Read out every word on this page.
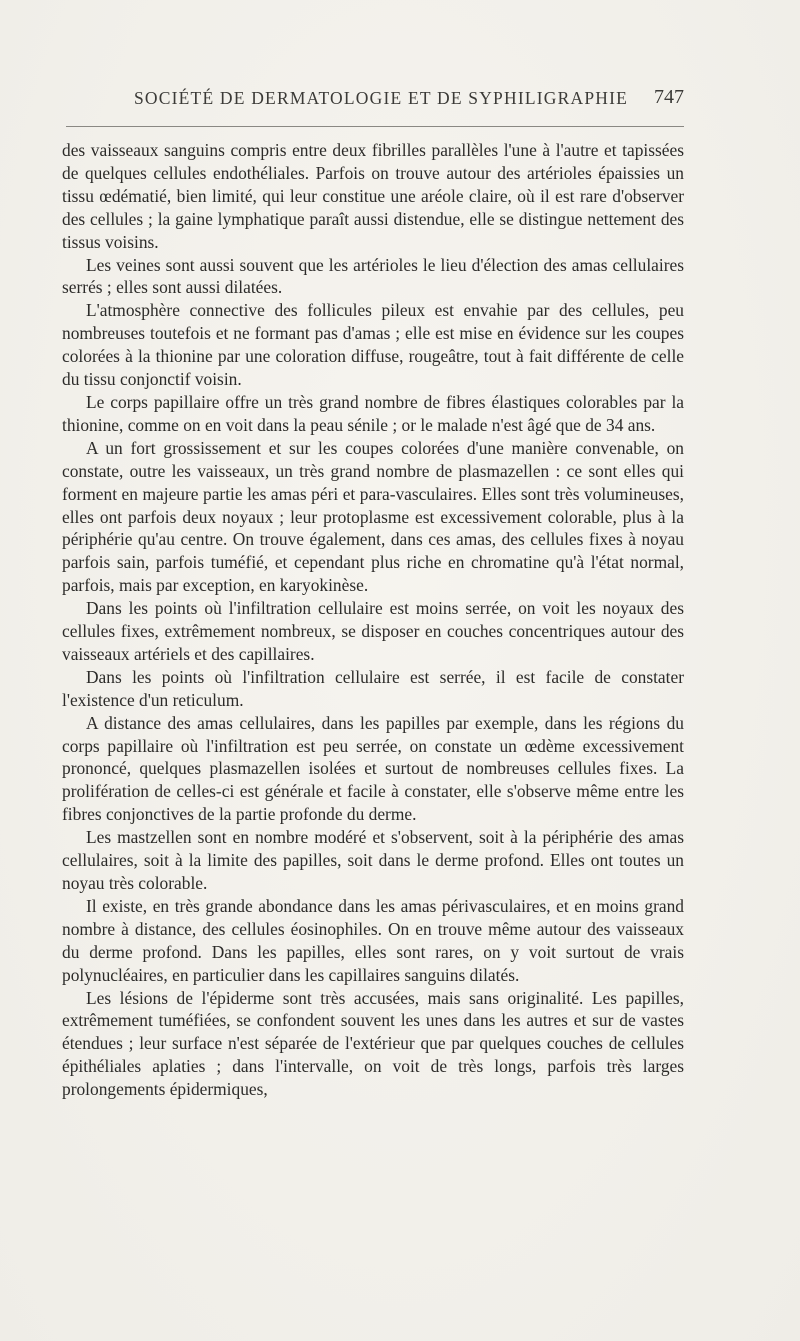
SOCIÉTÉ DE DERMATOLOGIE ET DE SYPHILIGRAPHIE 747

des vaisseaux sanguins compris entre deux fibrilles parallèles l'une à l'autre et tapissées de quelques cellules endothéliales. Parfois on trouve autour des artérioles épaissies un tissu œdématié, bien limité, qui leur constitue une aréole claire, où il est rare d'observer des cellules ; la gaine lymphatique paraît aussi distendue, elle se distingue nettement des tissus voisins.

Les veines sont aussi souvent que les artérioles le lieu d'élection des amas cellulaires serrés ; elles sont aussi dilatées.

L'atmosphère connective des follicules pileux est envahie par des cellules, peu nombreuses toutefois et ne formant pas d'amas ; elle est mise en évidence sur les coupes colorées à la thionine par une coloration diffuse, rougeâtre, tout à fait différente de celle du tissu conjonctif voisin.

Le corps papillaire offre un très grand nombre de fibres élastiques colorables par la thionine, comme on en voit dans la peau sénile ; or le malade n'est âgé que de 34 ans.

A un fort grossissement et sur les coupes colorées d'une manière convenable, on constate, outre les vaisseaux, un très grand nombre de plasmazellen : ce sont elles qui forment en majeure partie les amas péri et para-vasculaires. Elles sont très volumineuses, elles ont parfois deux noyaux ; leur protoplasme est excessivement colorable, plus à la périphérie qu'au centre. On trouve également, dans ces amas, des cellules fixes à noyau parfois sain, parfois tuméfié, et cependant plus riche en chromatine qu'à l'état normal, parfois, mais par exception, en karyokinèse.

Dans les points où l'infiltration cellulaire est moins serrée, on voit les noyaux des cellules fixes, extrêmement nombreux, se disposer en couches concentriques autour des vaisseaux artériels et des capillaires.

Dans les points où l'infiltration cellulaire est serrée, il est facile de constater l'existence d'un reticulum.

A distance des amas cellulaires, dans les papilles par exemple, dans les régions du corps papillaire où l'infiltration est peu serrée, on constate un œdème excessivement prononcé, quelques plasmazellen isolées et surtout de nombreuses cellules fixes. La prolifération de celles-ci est générale et facile à constater, elle s'observe même entre les fibres conjonctives de la partie profonde du derme.

Les mastzellen sont en nombre modéré et s'observent, soit à la périphérie des amas cellulaires, soit à la limite des papilles, soit dans le derme profond. Elles ont toutes un noyau très colorable.

Il existe, en très grande abondance dans les amas périvasculaires, et en moins grand nombre à distance, des cellules éosinophiles. On en trouve même autour des vaisseaux du derme profond. Dans les papilles, elles sont rares, on y voit surtout de vrais polynucléaires, en particulier dans les capillaires sanguins dilatés.

Les lésions de l'épiderme sont très accusées, mais sans originalité. Les papilles, extrêmement tuméfiées, se confondent souvent les unes dans les autres et sur de vastes étendues ; leur surface n'est séparée de l'extérieur que par quelques couches de cellules épithéliales aplaties ; dans l'intervalle, on voit de très longs, parfois très larges prolongements épidermiques,
